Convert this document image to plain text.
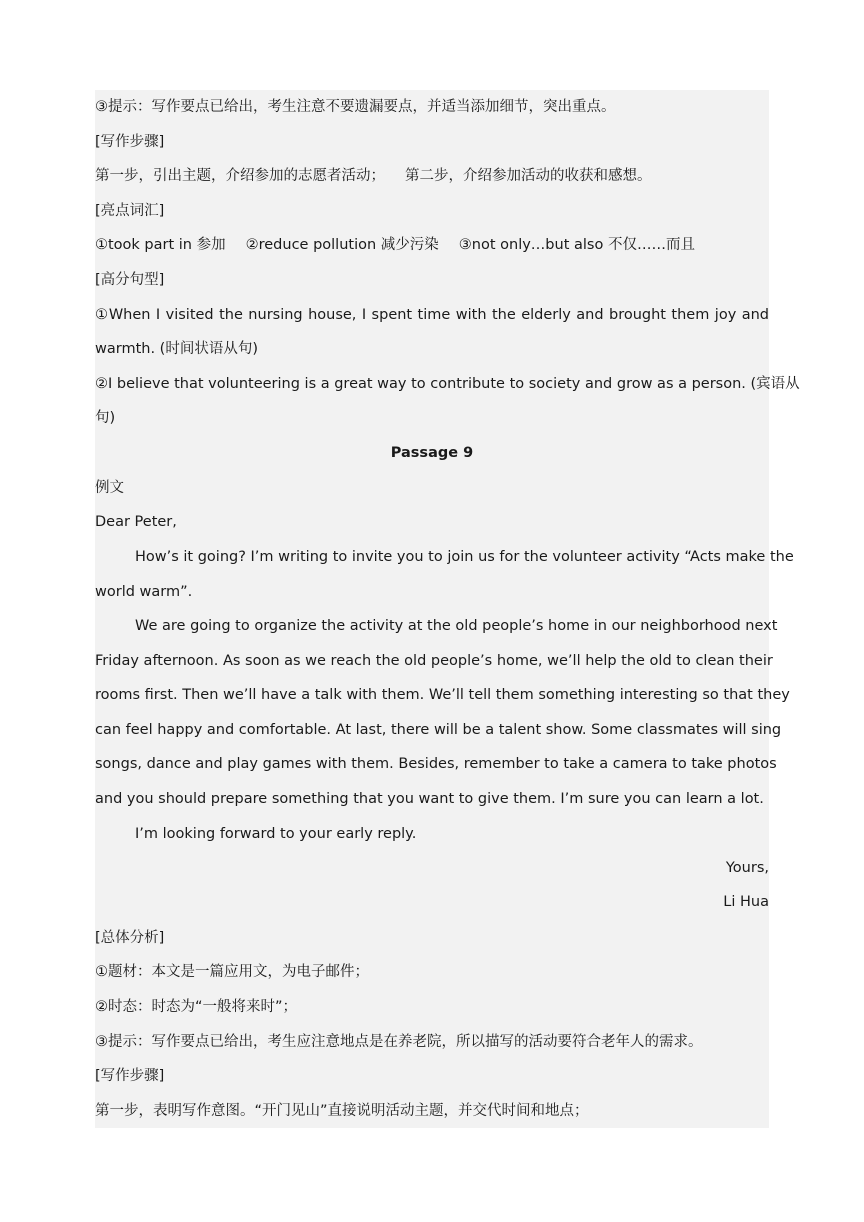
③提示：写作要点已给出，考生注意不要遗漏要点，并适当添加细节，突出重点。
[写作步骤]
第一步，引出主题，介绍参加的志愿者活动； 第二步，介绍参加活动的收获和感想。
[亮点词汇]
①took part in 参加 ②reduce pollution 减少污染 ③not only…but also 不仅……而且
[高分句型]
①When I visited the nursing house, I spent time with the elderly and brought them joy and
warmth. (时间状语从句)
②I believe that volunteering is a great way to contribute to society and grow as a person. (宾语从
句)
Passage 9
例文
Dear Peter,
How’s it going? I’m writing to invite you to join us for the volunteer activity “Acts make the
world warm”.
We are going to organize the activity at the old people’s home in our neighborhood next
Friday afternoon. As soon as we reach the old people’s home, we’ll help the old to clean their
rooms first. Then we’ll have a talk with them. We’ll tell them something interesting so that they
can feel happy and comfortable. At last, there will be a talent show. Some classmates will sing
songs, dance and play games with them. Besides, remember to take a camera to take photos
and you should prepare something that you want to give them. I’m sure you can learn a lot.
I’m looking forward to your early reply.
Yours,
Li Hua
[总体分析]
①题材：本文是一篇应用文，为电子邮件；
②时态：时态为“一般将来时”；
③提示：写作要点已给出，考生应注意地点是在养老院，所以描写的活动要符合老年人的需求。
[写作步骤]
第一步，表明写作意图。“开门见山”直接说明活动主题，并交代时间和地点；
